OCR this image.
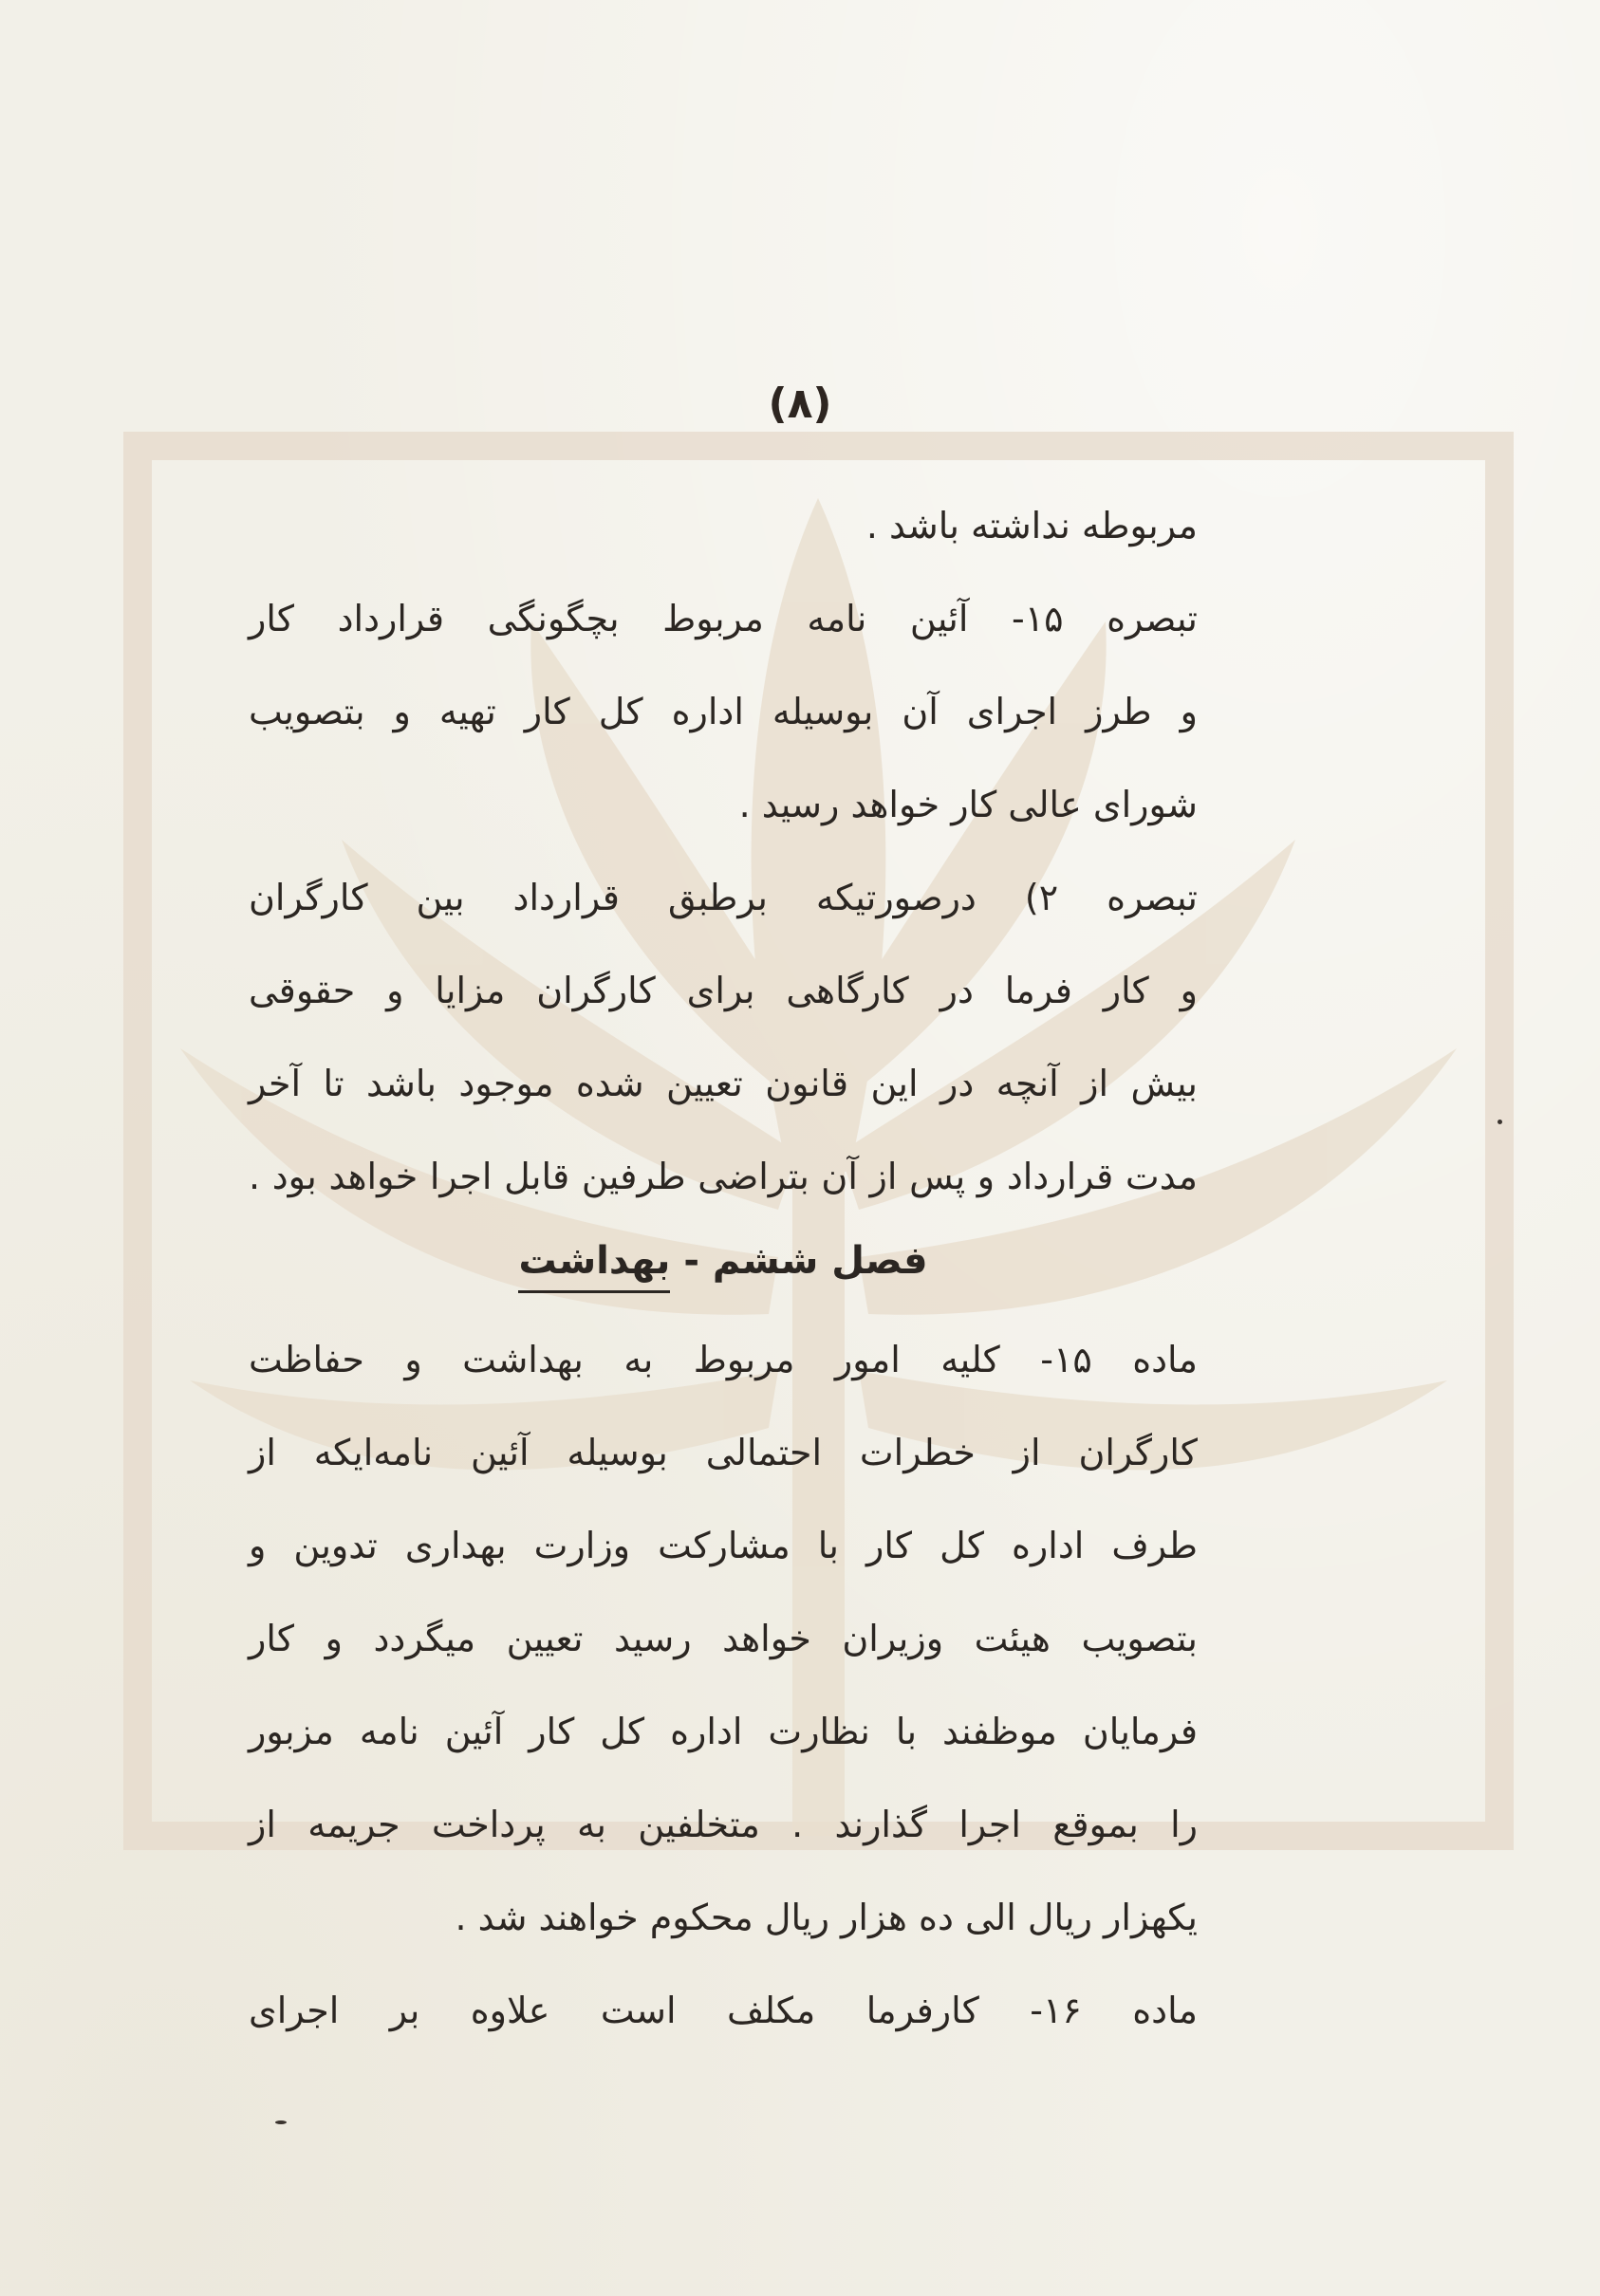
(۸)
مربوطه نداشته باشد .
تبصره ۱۵- آئین نامه مربوط بچگونگی قرارداد کار
و طرز اجرای آن بوسیله اداره کل کار تهیه و بتصویب
شورای عالی کار خواهد رسید .
تبصره ۲) درصورتیکه برطبق قرارداد بین کارگران
و کار فرما در کارگاهی برای کارگران مزایا و حقوقی
بیش از آنچه در این قانون تعیین شده موجود باشد تا آخر
مدت قرارداد و پس از آن بتراضی طرفین قابل اجرا خواهد بود .
فصل ششم - بهداشت
ماده ۱۵- کلیه امور مربوط به بهداشت و حفاظت
کارگران از خطرات احتمالی بوسیله آئین نامه‌ایکه از
طرف اداره کل کار با مشارکت وزارت بهداری تدوین و
بتصویب هیئت وزیران خواهد رسید تعیین میگردد و کار
فرمایان موظفند با نظارت اداره کل کار آئین نامه مزبور
را بموقع اجرا گذارند . متخلفین به پرداخت جریمه از
یکهزار ریال الی ده هزار ریال محکوم خواهند شد .
ماده ۱۶- کارفرما مکلف است علاوه بر اجرای
